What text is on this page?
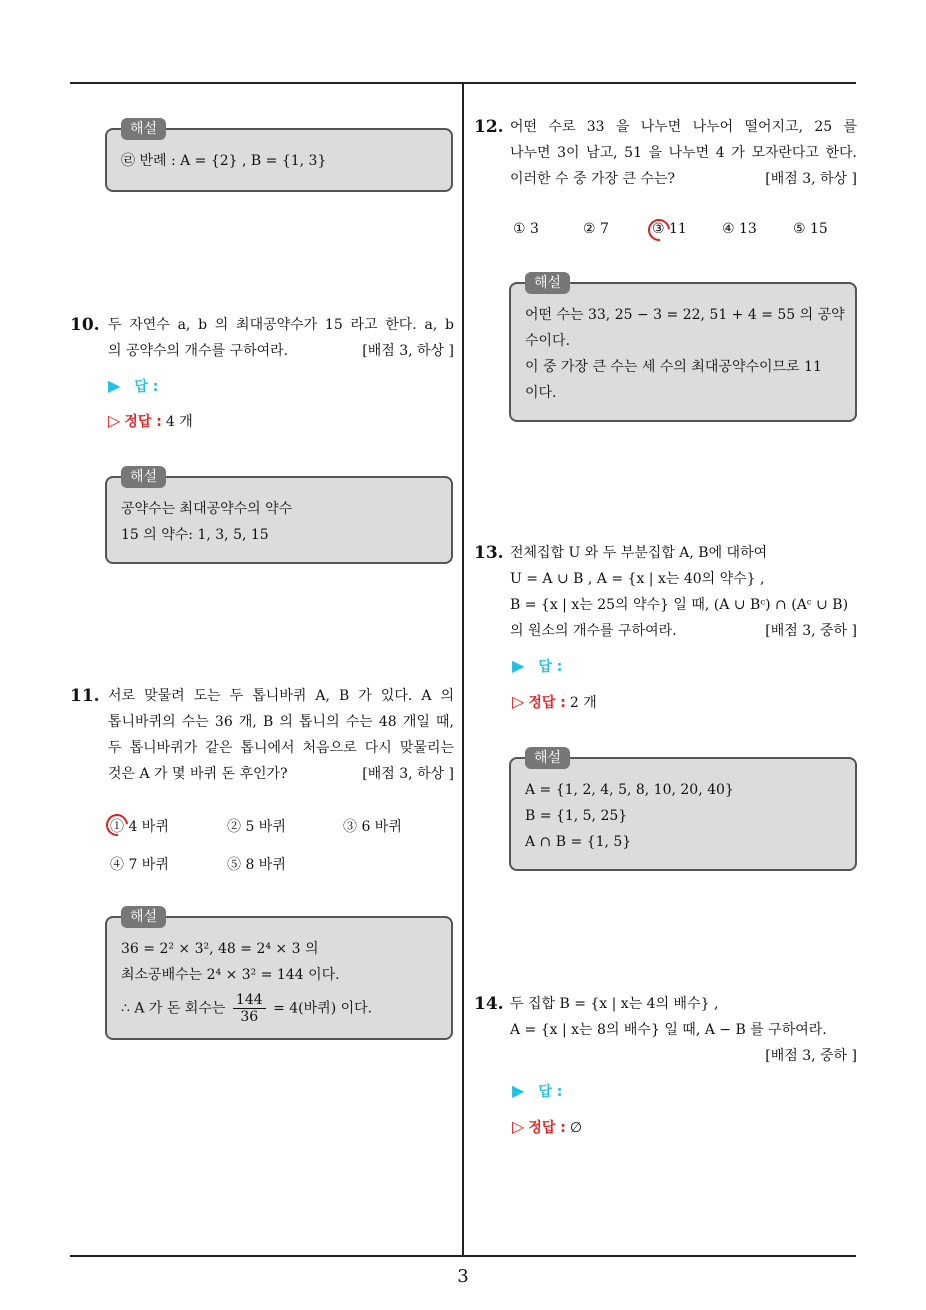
3
해설
㉣ 반례 : A = {2} , B = {1, 3}
10. 두 자연수 a, b 의 최대공약수가 15 라고 한다. a, b
의 공약수의 개수를 구하여라.	[배점 3, 하상 ]
▶ 답 :
▷ 정답 : 4 개
해설
공약수는 최대공약수의 약수
15 의 약수: 1, 3, 5, 15
11. 서로 맞물려 도는 두 톱니바퀴 A, B 가 있다. A 의
톱니바퀴의 수는 36 개, B 의 톱니의 수는 48 개일 때,
두 톱니바퀴가 같은 톱니에서 처음으로 다시 맞물리는
것은 A 가 몇 바퀴 돈 후인가?	[배점 3, 하상 ]
① 4 바퀴	② 5 바퀴	③ 6 바퀴
④ 7 바퀴	⑤ 8 바퀴
해설
36 = 2² × 3², 48 = 2⁴ × 3 의
최소공배수는 2⁴ × 3² = 144 이다.
∴ A 가 돈 회수는 $\frac{144}{36} = 4$(바퀴) 이다.
12. 어떤 수로 33 을 나누면 나누어 떨어지고, 25 를
나누면 3이 남고, 51 을 나누면 4 가 모자란다고 한다.
이러한 수 중 가장 큰 수는?	[배점 3, 하상 ]
① 3	② 7	③ 11	④ 13	⑤ 15
해설
어떤 수는 33, 25 − 3 = 22, 51 + 4 = 55 의 공약
수이다.
이 중 가장 큰 수는 세 수의 최대공약수이므로 11
이다.
13. 전체집합 U 와 두 부분집합 A, B에 대하여
U = A ∪ B , A = {x | x는 40의 약수} ,
B = {x | x는 25의 약수} 일 때, (A ∪ Bᶜ) ∩ (Aᶜ ∪ B)
의 원소의 개수를 구하여라.	[배점 3, 중하 ]
▶ 답 :
▷ 정답 : 2 개
해설
A = {1, 2, 4, 5, 8, 10, 20, 40}
B = {1, 5, 25}
A ∩ B = {1, 5}
14. 두 집합 B = {x | x는 4의 배수} ,
A = {x | x는 8의 배수} 일 때, A − B 를 구하여라.
[배점 3, 중하 ]
▶ 답 :
▷ 정답 : ∅
